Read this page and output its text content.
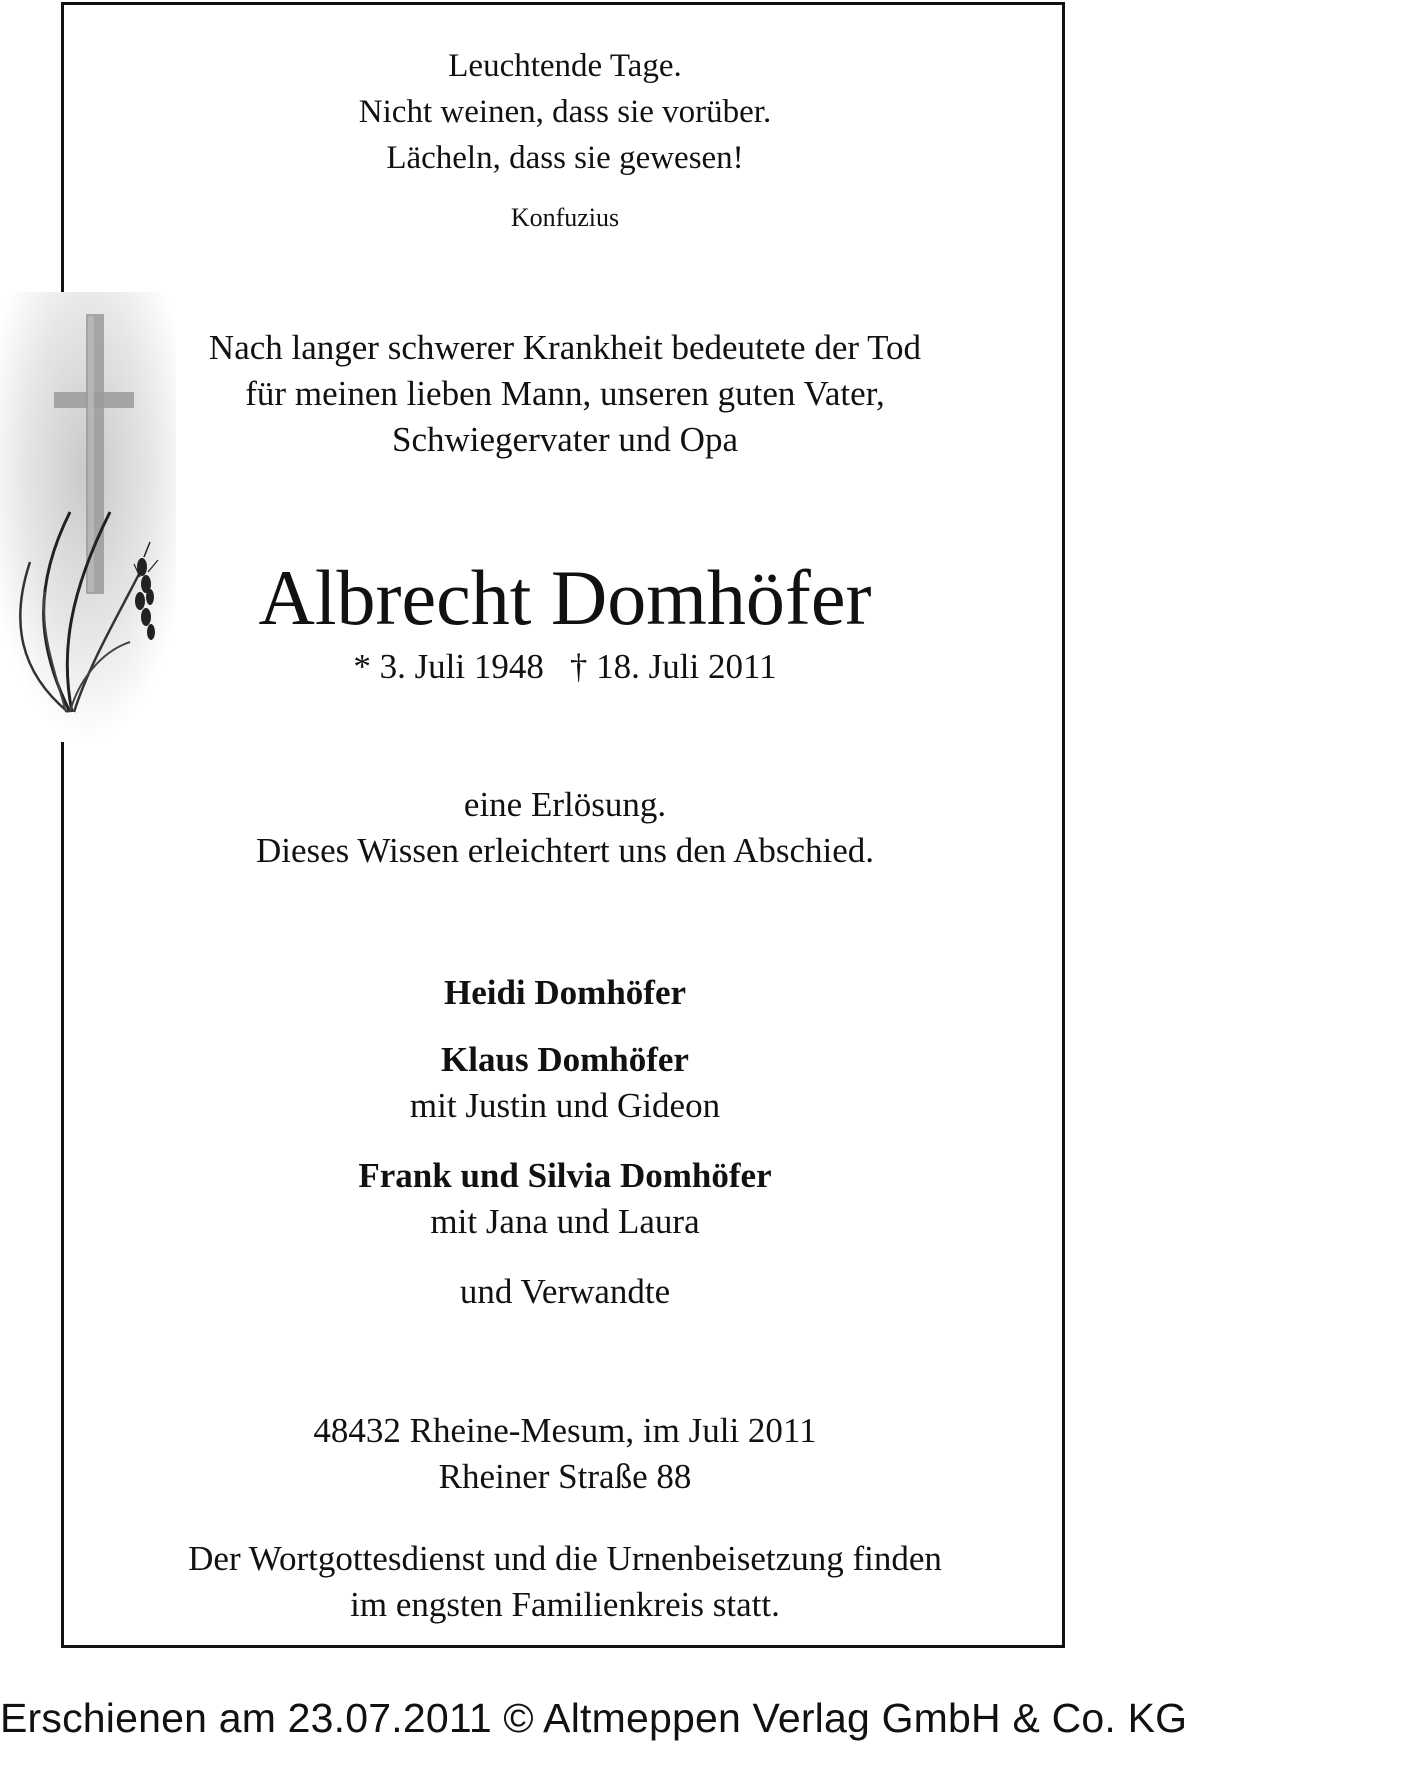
Leuchtende Tage.
Nicht weinen, dass sie vorüber.
Lächeln, dass sie gewesen!
Konfuzius
Nach langer schwerer Krankheit bedeutete der Tod
für meinen lieben Mann, unseren guten Vater,
Schwiegervater und Opa
Albrecht Domhöfer
* 3. Juli 1948 † 18. Juli 2011
eine Erlösung.
Dieses Wissen erleichtert uns den Abschied.
Heidi Domhöfer
Klaus Domhöfer
mit Justin und Gideon
Frank und Silvia Domhöfer
mit Jana und Laura
und Verwandte
48432 Rheine-Mesum, im Juli 2011
Rheiner Straße 88
Der Wortgottesdienst und die Urnenbeisetzung finden
im engsten Familienkreis statt.
Erschienen am 23.07.2011 © Altmeppen Verlag GmbH & Co. KG
